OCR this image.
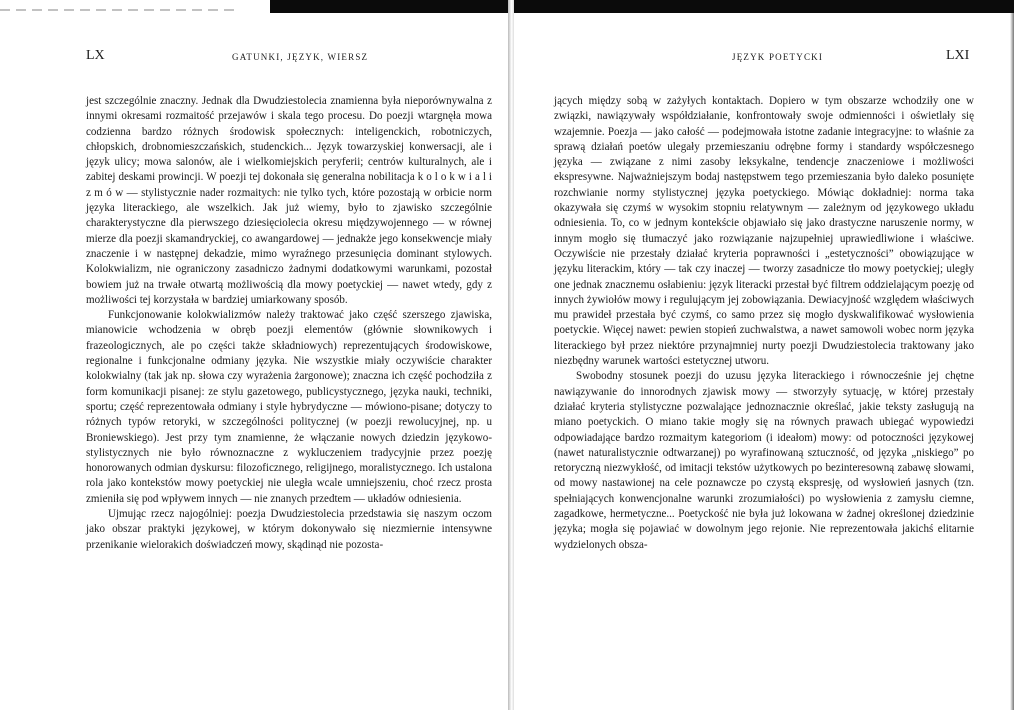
LX	GATUNKI, JĘZYK, WIERSZ

jest szczególnie znaczny. Jednak dla Dwudziestolecia znamienna była nieporównywalna z innymi okresami rozmaitość przejawów i skala tego procesu. Do poezji wtargnęła mowa codzienna bardzo różnych środowisk społecznych: inteligenckich, robotniczych, chłopskich, drobnomieszczańskich, studenckich... Język towarzyskiej konwersacji, ale i język ulicy; mowa salonów, ale i wielkomiejskich peryferii; centrów kulturalnych, ale i zabitej deskami prowincji. W poezji tej dokonała się generalna nobilitacja k o l o k w i a l i z m ó w — stylistycznie nader rozmaitych: nie tylko tych, które pozostają w orbicie norm języka literackiego, ale wszelkich. Jak już wiemy, było to zjawisko szczególnie charakterystyczne dla pierwszego dziesięciolecia okresu międzywojennego — w równej mierze dla poezji skamandryckiej, co awangardowej — jednakże jego konsekwencje miały znaczenie i w następnej dekadzie, mimo wyraźnego przesunięcia dominant stylowych. Kolokwializm, nie ograniczony zasadniczo żadnymi dodatkowymi warunkami, pozostał bowiem już na trwałe otwartą możliwością dla mowy poetyckiej — nawet wtedy, gdy z możliwości tej korzystała w bardziej umiarkowany sposób.

Funkcjonowanie kolokwializmów należy traktować jako część szerszego zjawiska, mianowicie wchodzenia w obręb poezji elementów (głównie słownikowych i frazeologicznych, ale po części także składniowych) reprezentujących środowiskowe, regionalne i funkcjonalne odmiany języka. Nie wszystkie miały oczywiście charakter kolokwialny (tak jak np. słowa czy wyrażenia żargonowe); znaczna ich część pochodziła z form komunikacji pisanej: ze stylu gazetowego, publicystycznego, języka nauki, techniki, sportu; część reprezentowała odmiany i style hybrydyczne — mówiono-pisane; dotyczy to różnych typów retoryki, w szczególności politycznej (w poezji rewolucyjnej, np. u Broniewskiego). Jest przy tym znamienne, że włączanie nowych dziedzin językowo-stylistycznych nie było równoznaczne z wykluczeniem tradycyjnie przez poezję honorowanych odmian dyskursu: filozoficznego, religijnego, moralistycznego. Ich ustalona rola jako kontekstów mowy poetyckiej nie uległa wcale umniejszeniu, choć rzecz prosta zmieniła się pod wpływem innych — nie znanych przedtem — układów odniesienia.

Ujmując rzecz najogólniej: poezja Dwudziestolecia przedstawia się naszym oczom jako obszar praktyki językowej, w którym dokonywało się niezmiernie intensywne przenikanie wielorakich doświadczeń mowy, skądinąd nie pozosta-

JĘZYK POETYCKI	LXI

jących między sobą w zażyłych kontaktach. Dopiero w tym obszarze wchodziły one w związki, nawiązywały współdziałanie, konfrontowały swoje odmienności i oświetlały się wzajemnie. Poezja — jako całość — podejmowała istotne zadanie integracyjne: to właśnie za sprawą działań poetów ulegały przemieszaniu odrębne formy i standardy współczesnego języka — związane z nimi zasoby leksykalne, tendencje znaczeniowe i możliwości ekspresywne. Najważniejszym bodaj następstwem tego przemieszania było daleko posunięte rozchwianie normy stylistycznej języka poetyckiego. Mówiąc dokładniej: norma taka okazywała się czymś w wysokim stopniu relatywnym — zależnym od językowego układu odniesienia. To, co w jednym kontekście objawiało się jako drastyczne naruszenie normy, w innym mogło się tłumaczyć jako rozwiązanie najzupełniej uprawiedliwione i właściwe. Oczywiście nie przestały działać kryteria poprawności i „estetyczności” obowiązujące w języku literackim, który — tak czy inaczej — tworzy zasadnicze tło mowy poetyckiej; uległy one jednak znacznemu osłabieniu: język literacki przestał być filtrem oddzielającym poezję od innych żywiołów mowy i regulującym jej zobowiązania. Dewiacyjność względem właściwych mu prawideł przestała być czymś, co samo przez się mogło dyskwalifikować wysłowienia poetyckie. Więcej nawet: pewien stopień zuchwalstwa, a nawet samowoli wobec norm języka literackiego był przez niektóre przynajmniej nurty poezji Dwudziestolecia traktowany jako niezbędny warunek wartości estetycznej utworu.

Swobodny stosunek poezji do uzusu języka literackiego i równocześnie jej chętne nawiązywanie do innorodnych zjawisk mowy — stworzyły sytuację, w której przestały działać kryteria stylistyczne pozwalające jednoznacznie określać, jakie teksty zasługują na miano poetyckich. O miano takie mogły się na równych prawach ubiegać wypowiedzi odpowiadające bardzo rozmaitym kategoriom (i ideałom) mowy: od potoczności językowej (nawet naturalistycznie odtwarzanej) po wyrafinowaną sztuczność, od języka „niskiego” po retoryczną niezwykłość, od imitacji tekstów użytkowych po bezinteresowną zabawę słowami, od mowy nastawionej na cele poznawcze po czystą ekspresję, od wysłowień jasnych (tzn. spełniających konwencjonalne warunki zrozumiałości) po wysłowienia z zamysłu ciemne, zagadkowe, hermetyczne... Poetyckość nie była już lokowana w żadnej określonej dziedzinie języka; mogła się pojawiać w dowolnym jego rejonie. Nie reprezentowała jakichś elitarnie wydzielonych obsza-
